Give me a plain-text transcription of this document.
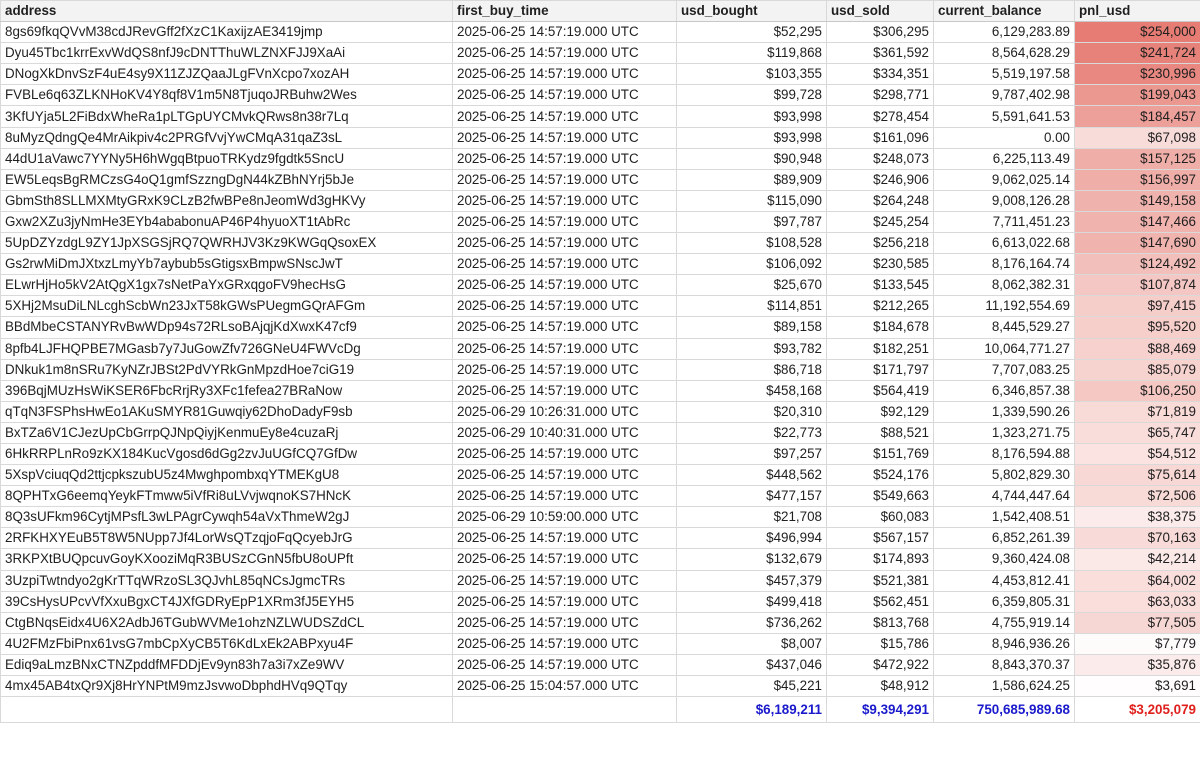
address	first_buy_time	usd_bought	usd_sold	current_balance	pnl_usd	
8gs69fkqQVvM38cdJRevGff2fXzC1KaxijzAE3419jmp	2025-06-25 14:57:19.000 UTC	$52,295	$306,295	6,129,283.89	$254,000	
Dyu45Tbc1krrExvWdQS8nfJ9cDNTThuWLZNXFJJ9XaAi	2025-06-25 14:57:19.000 UTC	$119,868	$361,592	8,564,628.29	$241,724	
DNogXkDnvSzF4uE4sy9X11ZJZQaaJLgFVnXcpo7xozAH	2025-06-25 14:57:19.000 UTC	$103,355	$334,351	5,519,197.58	$230,996	
FVBLe6q63ZLKNHoKV4Y8qf8V1m5N8TjuqoJRBuhw2Wes	2025-06-25 14:57:19.000 UTC	$99,728	$298,771	9,787,402.98	$199,043	
3KfUYja5L2FiBdxWheRa1pLTGpUYCMvkQRws8n38r7Lq	2025-06-25 14:57:19.000 UTC	$93,998	$278,454	5,591,641.53	$184,457	
8uMyzQdngQe4MrAikpiv4c2PRGfVvjYwCMqA31qaZ3sL	2025-06-25 14:57:19.000 UTC	$93,998	$161,096	0.00	$67,098	
44dU1aVawc7YYNy5H6hWgqBtpuoTRKydz9fgdtk5SncU	2025-06-25 14:57:19.000 UTC	$90,948	$248,073	6,225,113.49	$157,125	
EW5LeqsBgRMCzsG4oQ1gmfSzzngDgN44kZBhNYrj5bJe	2025-06-25 14:57:19.000 UTC	$89,909	$246,906	9,062,025.14	$156,997	
GbmSth8SLLMXMtyGRxK9CLzB2fwBPe8nJeomWd3gHKVy	2025-06-25 14:57:19.000 UTC	$115,090	$264,248	9,008,126.28	$149,158	
Gxw2XZu3jyNmHe3EYb4ababonuAP46P4hyuoXT1tAbRc	2025-06-25 14:57:19.000 UTC	$97,787	$245,254	7,711,451.23	$147,466	
5UpDZYzdgL9ZY1JpXSGSjRQ7QWRHJV3Kz9KWGqQsoxEX	2025-06-25 14:57:19.000 UTC	$108,528	$256,218	6,613,022.68	$147,690	
Gs2rwMiDmJXtxzLmyYb7aybub5sGtigsxBmpwSNscJwT	2025-06-25 14:57:19.000 UTC	$106,092	$230,585	8,176,164.74	$124,492	
ELwrHjHo5kV2AtQgX1gx7sNetPaYxGRxqgoFV9hecHsG	2025-06-25 14:57:19.000 UTC	$25,670	$133,545	8,062,382.31	$107,874	
5XHj2MsuDiLNLcghScbWn23JxT58kGWsPUegmGQrAFGm	2025-06-25 14:57:19.000 UTC	$114,851	$212,265	11,192,554.69	$97,415	
BBdMbeCSTANYRvBwWDp94s72RLsoBAjqjKdXwxK47cf9	2025-06-25 14:57:19.000 UTC	$89,158	$184,678	8,445,529.27	$95,520	
8pfb4LJFHQPBE7MGasb7y7JuGowZfv726GNeU4FWVcDg	2025-06-25 14:57:19.000 UTC	$93,782	$182,251	10,064,771.27	$88,469	
DNkuk1m8nSRu7KyNZrJBSt2PdVYRkGnMpzdHoe7ciG19	2025-06-25 14:57:19.000 UTC	$86,718	$171,797	7,707,083.25	$85,079	
396BqjMUzHsWiKSER6FbcRrjRy3XFc1fefea27BRaNow	2025-06-25 14:57:19.000 UTC	$458,168	$564,419	6,346,857.38	$106,250	
qTqN3FSPhsHwEo1AKuSMYR81Guwqiy62DhoDadyF9sb	2025-06-29 10:26:31.000 UTC	$20,310	$92,129	1,339,590.26	$71,819	
BxTZa6V1CJezUpCbGrrpQJNpQiyjKenmuEy8e4cuzaRj	2025-06-29 10:40:31.000 UTC	$22,773	$88,521	1,323,271.75	$65,747	
6HkRRPLnRo9zKX184KucVgosd6dGg2zvJuUGfCQ7GfDw	2025-06-25 14:57:19.000 UTC	$97,257	$151,769	8,176,594.88	$54,512	
5XspVciuqQd2ttjcpkszubU5z4MwghpombxqYTMEKgU8	2025-06-25 14:57:19.000 UTC	$448,562	$524,176	5,802,829.30	$75,614	
8QPHTxG6eemqYeykFTmww5iVfRi8uLVvjwqnoKS7HNcK	2025-06-25 14:57:19.000 UTC	$477,157	$549,663	4,744,447.64	$72,506	
8Q3sUFkm96CytjMPsfL3wLPAgrCywqh54aVxThmeW2gJ	2025-06-29 10:59:00.000 UTC	$21,708	$60,083	1,542,408.51	$38,375	
2RFKHXYEuB5T8W5NUpp7Jf4LorWsQTzqjoFqQcyebJrG	2025-06-25 14:57:19.000 UTC	$496,994	$567,157	6,852,261.39	$70,163	
3RKPXtBUQpcuvGoyKXooziMqR3BUSzCGnN5fbU8oUPft	2025-06-25 14:57:19.000 UTC	$132,679	$174,893	9,360,424.08	$42,214	
3UzpiTwtndyo2gKrTTqWRzoSL3QJvhL85qNCsJgmcTRs	2025-06-25 14:57:19.000 UTC	$457,379	$521,381	4,453,812.41	$64,002	
39CsHysUPcvVfXxuBgxCT4JXfGDRyEpP1XRm3fJ5EYH5	2025-06-25 14:57:19.000 UTC	$499,418	$562,451	6,359,805.31	$63,033	
CtgBNqsEidx4U6X2AdbJ6TGubWVMe1ohzNZLWUDSZdCL	2025-06-25 14:57:19.000 UTC	$736,262	$813,768	4,755,919.14	$77,505	
4U2FMzFbiPnx61vsG7mbCpXyCB5T6KdLxEk2ABPxyu4F	2025-06-25 14:57:19.000 UTC	$8,007	$15,786	8,946,936.26	$7,779	
Ediq9aLmzBNxCTNZpddfMFDDjEv9yn83h7a3i7xZe9WV	2025-06-25 14:57:19.000 UTC	$437,046	$472,922	8,843,370.37	$35,876	
4mx45AB4txQr9Xj8HrYNPtM9mzJsvwoDbphdHVq9QTqy	2025-06-25 15:04:57.000 UTC	$45,221	$48,912	1,586,624.25	$3,691	
		$6,189,211	$9,394,291	750,685,989.68	$3,205,079	
